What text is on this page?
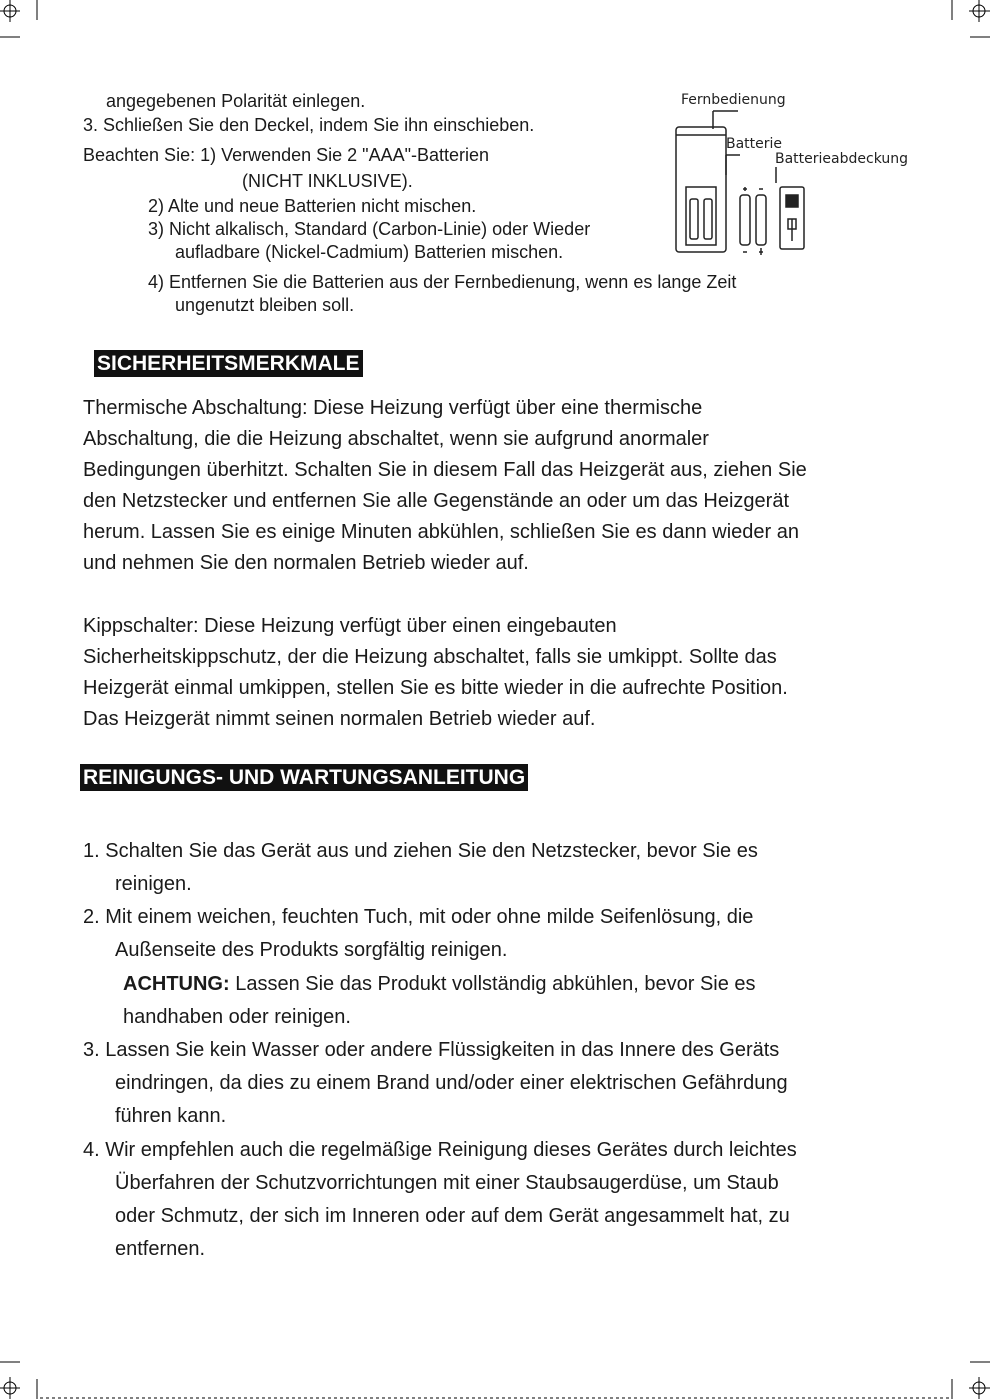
angegebenen Polarität einlegen.
3. Schließen Sie den Deckel, indem Sie ihn einschieben.
Beachten Sie: 1) Verwenden Sie 2 "AAA"-Batterien
(NICHT INKLUSIVE).
2) Alte und neue Batterien nicht mischen.
3) Nicht alkalisch, Standard (Carbon-Linie) oder Wieder
aufladbare (Nickel-Cadmium) Batterien mischen.
4) Entfernen Sie die Batterien aus der Fernbedienung, wenn es lange Zeit
ungenutzt bleiben soll.
Fernbedienung
Batterie
Batterieabdeckung
SICHERHEITSMERKMALE
Thermische Abschaltung: Diese Heizung verfügt über eine thermische
Abschaltung, die die Heizung abschaltet, wenn sie aufgrund anormaler
Bedingungen überhitzt. Schalten Sie in diesem Fall das Heizgerät aus, ziehen Sie
den Netzstecker und entfernen Sie alle Gegenstände an oder um das Heizgerät
herum. Lassen Sie es einige Minuten abkühlen, schließen Sie es dann wieder an
und nehmen Sie den normalen Betrieb wieder auf.
Kippschalter: Diese Heizung verfügt über einen eingebauten
Sicherheitskippschutz, der die Heizung abschaltet, falls sie umkippt. Sollte das
Heizgerät einmal umkippen, stellen Sie es bitte wieder in die aufrechte Position.
Das Heizgerät nimmt seinen normalen Betrieb wieder auf.
REINIGUNGS- UND WARTUNGSANLEITUNG
1. Schalten Sie das Gerät aus und ziehen Sie den Netzstecker, bevor Sie es
reinigen.
2. Mit einem weichen, feuchten Tuch, mit oder ohne milde Seifenlösung, die
Außenseite des Produkts sorgfältig reinigen.
ACHTUNG: Lassen Sie das Produkt vollständig abkühlen, bevor Sie es
handhaben oder reinigen.
3. Lassen Sie kein Wasser oder andere Flüssigkeiten in das Innere des Geräts
eindringen, da dies zu einem Brand und/oder einer elektrischen Gefährdung
führen kann.
4. Wir empfehlen auch die regelmäßige Reinigung dieses Gerätes durch leichtes
Überfahren der Schutzvorrichtungen mit einer Staubsaugerdüse, um Staub
oder Schmutz, der sich im Inneren oder auf dem Gerät angesammelt hat, zu
entfernen.
